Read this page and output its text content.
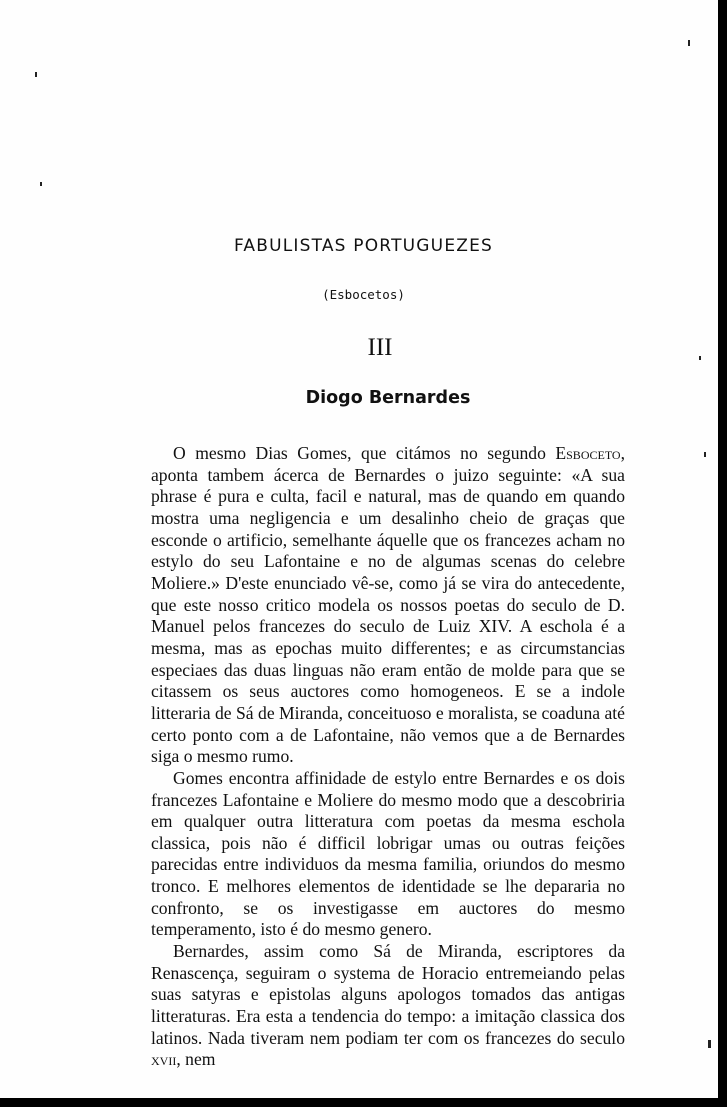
FABULISTAS PORTUGUEZES
(Esbocetos)
III
Diogo Bernardes

O mesmo Dias Gomes, que citámos no segundo Esboceto, aponta tambem ácerca de Bernardes o juizo seguinte: «A sua phrase é pura e culta, facil e natural, mas de quando em quando mostra uma negligencia e um desalinho cheio de graças que esconde o artificio, semelhante áquelle que os francezes acham no estylo do seu Lafontaine e no de algumas scenas do celebre Moliere.» D'este enunciado vê-se, como já se vira do antecedente, que este nosso critico modela os nossos poetas do seculo de D. Manuel pelos francezes do seculo de Luiz XIV. A eschola é a mesma, mas as epochas muito differentes; e as circumstancias especiaes das duas linguas não eram então de molde para que se citassem os seus auctores como homogeneos. E se a indole litteraria de Sá de Miranda, conceituoso e moralista, se coaduna até certo ponto com a de Lafontaine, não vemos que a de Bernardes siga o mesmo rumo.

Gomes encontra affinidade de estylo entre Bernardes e os dois francezes Lafontaine e Moliere do mesmo modo que a descobriria em qualquer outra litteratura com poetas da mesma eschola classica, pois não é difficil lobrigar umas ou outras feições parecidas entre individuos da mesma familia, oriundos do mesmo tronco. E melhores elementos de identidade se lhe depararia no confronto, se os investigasse em auctores do mesmo temperamento, isto é do mesmo genero.

Bernardes, assim como Sá de Miranda, escriptores da Renascença, seguiram o systema de Horacio entremeiando pelas suas satyras e epistolas alguns apologos tomados das antigas litteraturas. Era esta a tendencia do tempo: a imitação classica dos latinos. Nada tiveram nem podiam ter com os francezes do seculo xvii, nem
